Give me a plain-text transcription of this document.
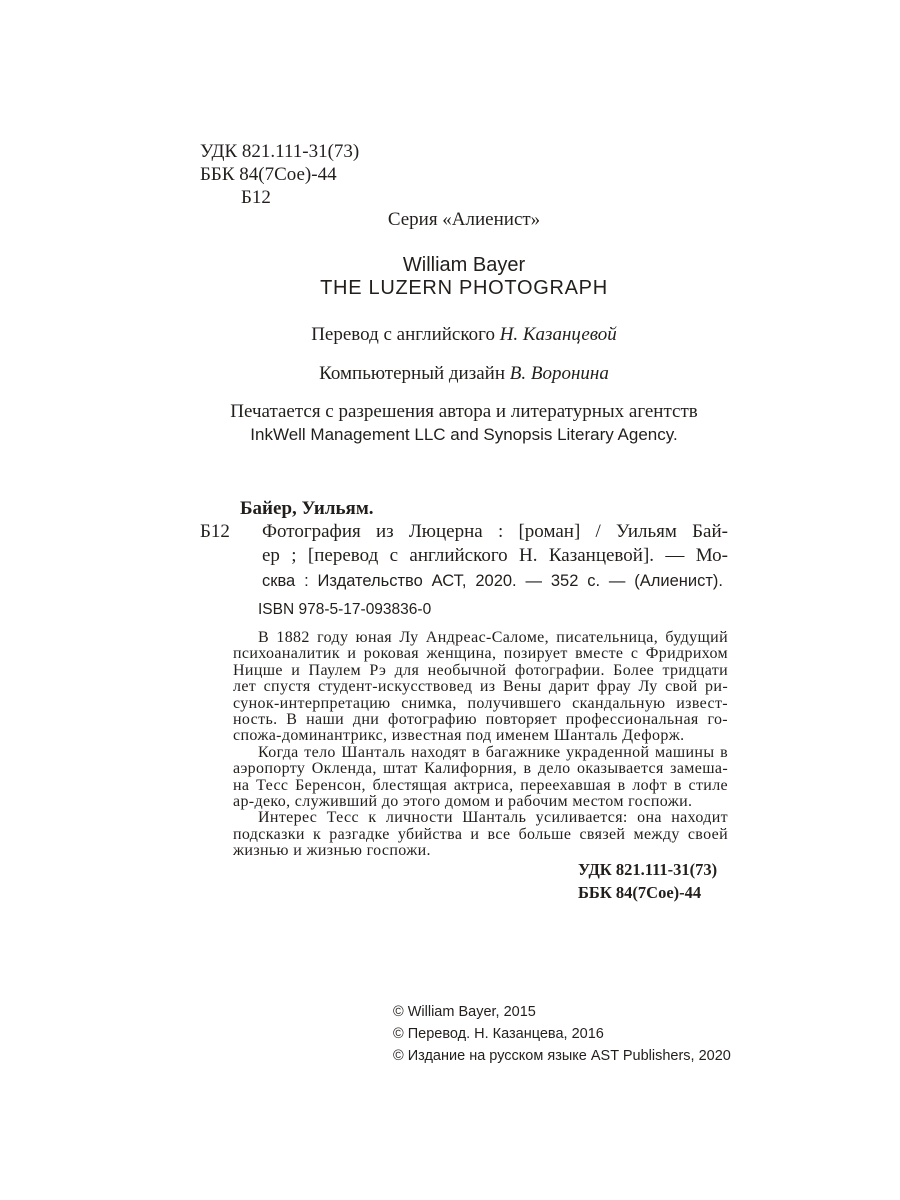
УДК 821.111-31(73)
ББК 84(7Сое)-44
Б12
Серия «Алиенист»
William Bayer
THE LUZERN PHOTOGRAPH
Перевод с английского Н. Казанцевой
Компьютерный дизайн В. Воронина
Печатается с разрешения автора и литературных агентств
InkWell Management LLC and Synopsis Literary Agency.
Байер, Уильям.
Б12 Фотография из Люцерна : [роман] / Уильям Бай-
ер ; [перевод с английского Н. Казанцевой]. — Мо-
сква : Издательство АСТ, 2020. — 352 с. — (Алиенист).
ISBN 978-5-17-093836-0
В 1882 году юная Лу Андреас-Саломе, писательница, будущий
психоаналитик и роковая женщина, позирует вместе с Фридрихом
Ницше и Паулем Рэ для необычной фотографии. Более тридцати
лет спустя студент-искусствовед из Вены дарит фрау Лу свой ри-
сунок-интерпретацию снимка, получившего скандальную извест-
ность. В наши дни фотографию повторяет профессиональная го-
спожа-доминантрикс, известная под именем Шанталь Дефорж.
Когда тело Шанталь находят в багажнике украденной машины в
аэропорту Окленда, штат Калифорния, в дело оказывается замеша-
на Тесс Беренсон, блестящая актриса, переехавшая в лофт в стиле
ар-деко, служивший до этого домом и рабочим местом госпожи.
Интерес Тесс к личности Шанталь усиливается: она находит
подсказки к разгадке убийства и все больше связей между своей
жизнью и жизнью госпожи.
УДК 821.111-31(73)
ББК 84(7Сое)-44
© William Bayer, 2015
© Перевод. Н. Казанцева, 2016
© Издание на русском языке AST Publishers, 2020
